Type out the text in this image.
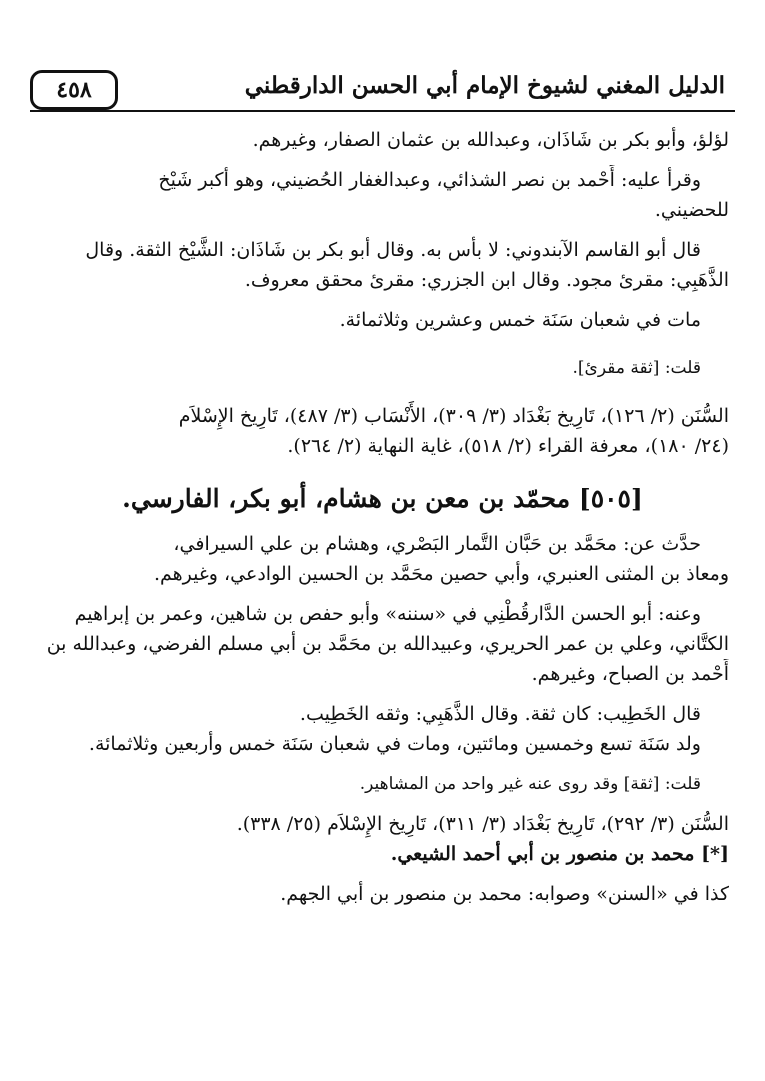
الدليل المغني لشيوخ الإمام أبي الحسن الدارقطني
٤٥٨
لؤلؤ، وأبو بكر بن شَاذَان، وعبدالله بن عثمان الصفار، وغيرهم.
وقرأ عليه: أَحْمد بن نصر الشذائي، وعبدالغفار الحُضيني، وهو أكبر شَيْخ
للحضيني.
قال أبو القاسم الآبندوني: لا بأس به. وقال أبو بكر بن شَاذَان: الشَّيْخ الثقة. وقال
الذَّهَبِي: مقرئ مجود. وقال ابن الجزري: مقرئ محقق معروف.
مات في شعبان سَنَة خمس وعشرين وثلاثمائة.
قلت: [ثقة مقرئ].
السُّنَن (٢/ ١٢٦)، تَارِيخ بَغْدَاد (٣/ ٣٠٩)، الأَنْسَاب (٣/ ٤٨٧)، تَارِيخ الإِسْلاَم
(٢٤/ ١٨٠)، معرفة القراء (٢/ ٥١٨)، غاية النهاية (٢/ ٢٦٤).
[٥٠٥] محمّد بن معن بن هشام، أبو بكر، الفارسي.
حدَّث عن: محَمَّد بن حَبَّان التَّمار البَصْري، وهشام بن علي السيرافي،
ومعاذ بن المثنى العنبري، وأبي حصين محَمَّد بن الحسين الوادعي، وغيرهم.
وعنه: أبو الحسن الدَّارقُطْنِي في «سننه» وأبو حفص بن شاهين، وعمر بن إبراهيم
الكتَّاني، وعلي بن عمر الحريري، وعبيدالله بن محَمَّد بن أبي مسلم الفرضي، وعبدالله بن
أَحْمد بن الصباح، وغيرهم.
قال الخَطِيب: كان ثقة. وقال الذَّهَبِي: وثقه الخَطِيب.
ولد سَنَة تسع وخمسين ومائتين، ومات في شعبان سَنَة خمس وأربعين وثلاثمائة.
قلت: [ثقة] وقد روى عنه غير واحد من المشاهير.
السُّنَن (٣/ ٢٩٢)، تَارِيخ بَغْدَاد (٣/ ٣١١)، تَارِيخ الإِسْلاَم (٢٥/ ٣٣٨).
[*] محمد بن منصور بن أبي أحمد الشيعي.
كذا في «السنن» وصوابه: محمد بن منصور بن أبي الجهم.
